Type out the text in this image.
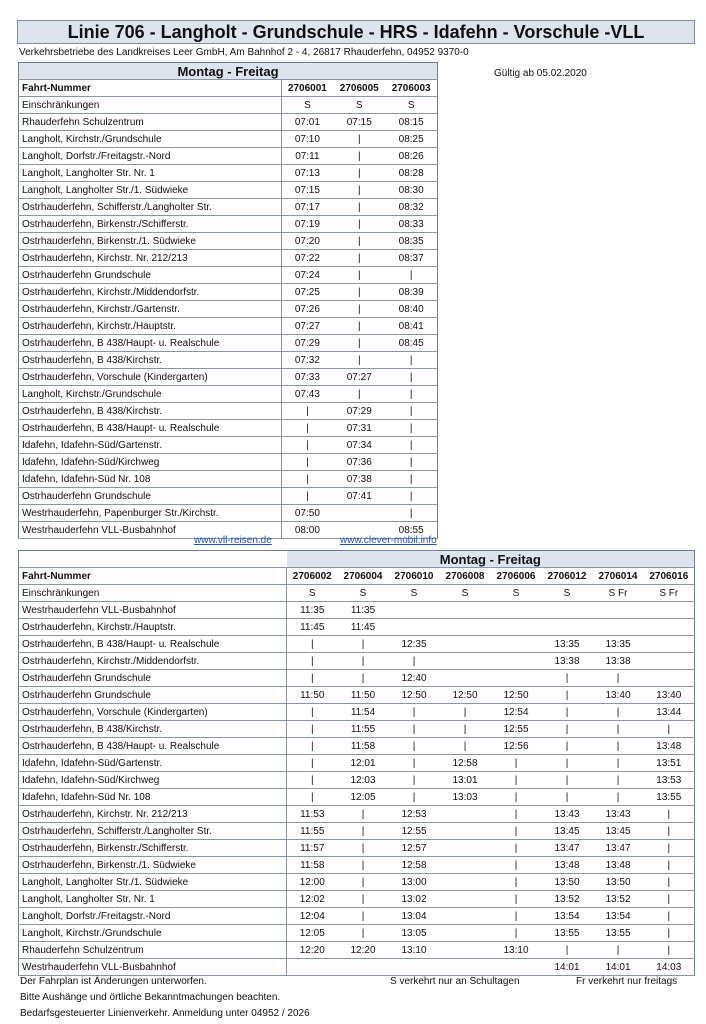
Linie 706 - Langholt - Grundschule - HRS - Idafehn - Vorschule -VLL
Verkehrsbetriebe des Landkreises Leer GmbH, Am Bahnhof 2 - 4, 26817 Rhauderfehn, 04952 9370-0
Gültig ab 05.02.2020
Montag - Freitag			
Fahrt-Nummer	2706001	2706005	2706003
Einschränkungen	S	S	S
Rhauderfehn Schulzentrum	07:01	07:15	08:15
Langholt, Kirchstr./Grundschule	07:10	|	08:25
Langholt, Dorfstr./Freitagstr.-Nord	07:11	|	08:26
Langholt, Langholter Str. Nr. 1	07:13	|	08:28
Langholt, Langholter Str./1. Südwieke	07:15	|	08:30
Ostrhauderfehn, Schifferstr./Langholter Str.	07:17	|	08:32
Ostrhauderfehn, Birkenstr./Schifferstr.	07:19	|	08:33
Ostrhauderfehn, Birkenstr./1. Südwieke	07:20	|	08:35
Ostrhauderfehn, Kirchstr. Nr. 212/213	07:22	|	08:37
Ostrhauderfehn Grundschule	07:24	|	|
Ostrhauderfehn, Kirchstr./Middendorfstr.	07:25	|	08:39
Ostrhauderfehn, Kirchstr./Gartenstr.	07:26	|	08:40
Ostrhauderfehn, Kirchstr./Hauptstr.	07:27	|	08:41
Ostrhauderfehn, B 438/Haupt- u. Realschule	07:29	|	08:45
Ostrhauderfehn, B 438/Kirchstr.	07:32	|	|
Ostrhauderfehn, Vorschule (Kindergarten)	07:33	07:27	|
Langholt, Kirchstr./Grundschule	07:43	|	|
Ostrhauderfehn, B 438/Kirchstr.	|	07:29	|
Ostrhauderfehn, B 438/Haupt- u. Realschule	|	07:31	|
Idafehn, Idafehn-Süd/Gartenstr.	|	07:34	|
Idafehn, Idafehn-Süd/Kirchweg	|	07:36	|
Idafehn, Idafehn-Süd Nr. 108	|	07:38	|
Ostrhauderfehn Grundschule	|	07:41	|
Westrhauderfehn, Papenburger Str./Kirchstr.	07:50		|
Westrhauderfehn VLL-Busbahnhof	08:00		08:55
www.vll-reisen.de	www.clever-mobil.info
	Montag - Freitag							
Fahrt-Nummer	2706002	2706004	2706010	2706008	2706006	2706012	2706014	2706016
Einschränkungen	S	S	S	S	S	S	S Fr	S Fr
Westrhauderfehn VLL-Busbahnhof	11:35	11:35						
Ostrhauderfehn, Kirchstr./Hauptstr.	11:45	11:45						
Ostrhauderfehn, B 438/Haupt- u. Realschule	|	|	12:35			13:35	13:35	
Ostrhauderfehn, Kirchstr./Middendorfstr.	|	|	|			13:38	13:38	
Ostrhauderfehn Grundschule	|	|	12:40			|	|	
Ostrhauderfehn Grundschule	11:50	11:50	12:50	12:50	12:50	|	13:40	13:40
Ostrhauderfehn, Vorschule (Kindergarten)	|	11:54	|	|	12:54	|	|	13:44
Ostrhauderfehn, B 438/Kirchstr.	|	11:55	|	|	12:55	|	|	|
Ostrhauderfehn, B 438/Haupt- u. Realschule	|	11:58	|	|	12:56	|	|	13:48
Idafehn, Idafehn-Süd/Gartenstr.	|	12:01	|	12:58	|	|	|	13:51
Idafehn, Idafehn-Süd/Kirchweg	|	12:03	|	13:01	|	|	|	13:53
Idafehn, Idafehn-Süd Nr. 108	|	12:05	|	13:03	|	|	|	13:55
Ostrhauderfehn, Kirchstr. Nr. 212/213	11:53	|	12:53		|	13:43	13:43	|
Ostrhauderfehn, Schifferstr./Langholter Str.	11:55	|	12:55		|	13:45	13:45	|
Ostrhauderfehn, Birkenstr./Schifferstr.	11:57	|	12:57		|	13:47	13:47	|
Ostrhauderfehn, Birkenstr./1. Südwieke	11:58	|	12:58		|	13:48	13:48	|
Langholt, Langholter Str./1. Südwieke	12:00	|	13:00		|	13:50	13:50	|
Langholt, Langholter Str. Nr. 1	12:02	|	13:02		|	13:52	13:52	|
Langholt, Dorfstr./Freitagstr.-Nord	12:04	|	13:04		|	13:54	13:54	|
Langholt, Kirchstr./Grundschule	12:05	|	13:05		|	13:55	13:55	|
Rhauderfehn Schulzentrum	12:20	12:20	13:10		13:10	|	|	|
Westrhauderfehn VLL-Busbahnhof						14:01	14:01	14:03
Der Fahrplan ist Änderungen unterworfen.
Bitte Aushänge und örtliche Bekanntmachungen beachten.
Bedarfsgesteuerter Linienverkehr. Anmeldung unter 04952 / 2026
S verkehrt nur an Schultagen	Fr verkehrt nur freitags
